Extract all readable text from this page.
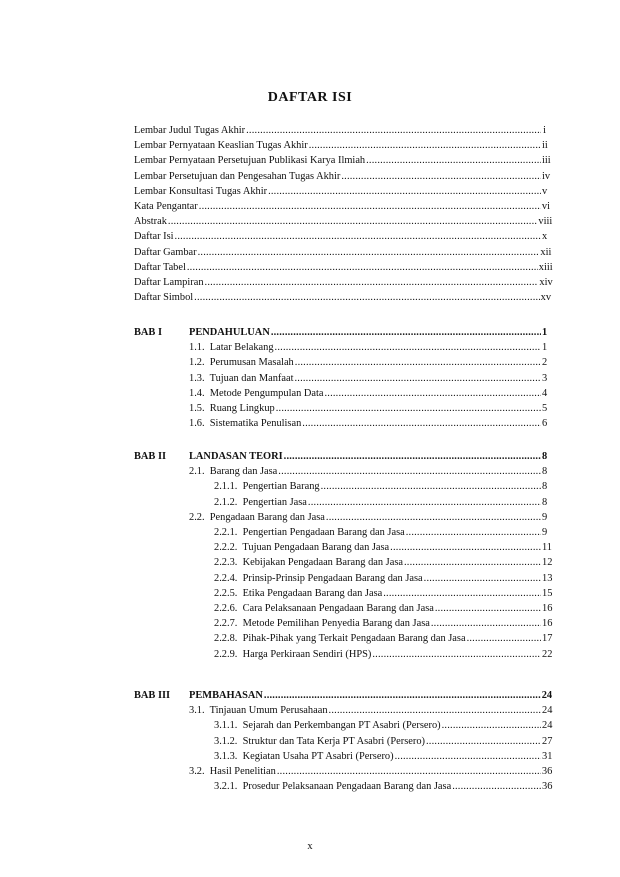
DAFTAR ISI
Lembar Judul Tugas Akhir .....	i
Lembar Pernyataan Keaslian Tugas Akhir .....	ii
Lembar Pernyataan Persetujuan Publikasi Karya Ilmiah .....	iii
Lembar Persetujuan dan Pengesahan Tugas Akhir .....	iv
Lembar Konsultasi Tugas Akhir .....	v
Kata Pengantar .....	vi
Abstrak .....	viii
Daftar Isi .....	x
Daftar Gambar .....	xii
Daftar Tabel .....	xiii
Daftar Lampiran .....	xiv
Daftar Simbol .....	xv
BAB I	PENDAHULUAN .....	1
1.1.  Latar Belakang .....	1
1.2.  Perumusan Masalah .....	2
1.3.  Tujuan dan Manfaat .....	3
1.4.  Metode Pengumpulan Data .....	4
1.5.  Ruang Lingkup .....	5
1.6.  Sistematika Penulisan .....	6
BAB II LANDASAN TEORI .....	8
2.1.  Barang dan Jasa .....	8
2.1.1.  Pengertian Barang .....	8
2.1.2.  Pengertian Jasa .....	8
2.2.  Pengadaan Barang dan Jasa .....	9
2.2.1.  Pengertian Pengadaan Barang dan Jasa .....	9
2.2.2.  Tujuan Pengadaan Barang dan Jasa .....	11
2.2.3.  Kebijakan Pengadaan Barang dan Jasa .....	12
2.2.4.  Prinsip-Prinsip Pengadaan Barang dan Jasa .....	13
2.2.5.  Etika Pengadaan Barang dan Jasa .....	15
2.2.6.  Cara Pelaksanaan Pengadaan Barang dan Jasa .....	16
2.2.7.  Metode Pemilihan Penyedia Barang dan Jasa .....	16
2.2.8.  Pihak-Pihak yang Terkait Pengadaan Barang dan Jasa .....	17
2.2.9.  Harga Perkiraan Sendiri (HPS) .....	22
BAB III PEMBAHASAN .....	24
3.1.  Tinjauan Umum Perusahaan .....	24
3.1.1.  Sejarah dan Perkembangan PT Asabri (Persero) .....	24
3.1.2.  Struktur dan Tata Kerja PT Asabri (Persero) .....	27
3.1.3.  Kegiatan Usaha PT Asabri (Persero) .....	31
3.2.  Hasil Penelitian .....	36
3.2.1.  Prosedur Pelaksanaan Pengadaan Barang dan Jasa .....	36
x
